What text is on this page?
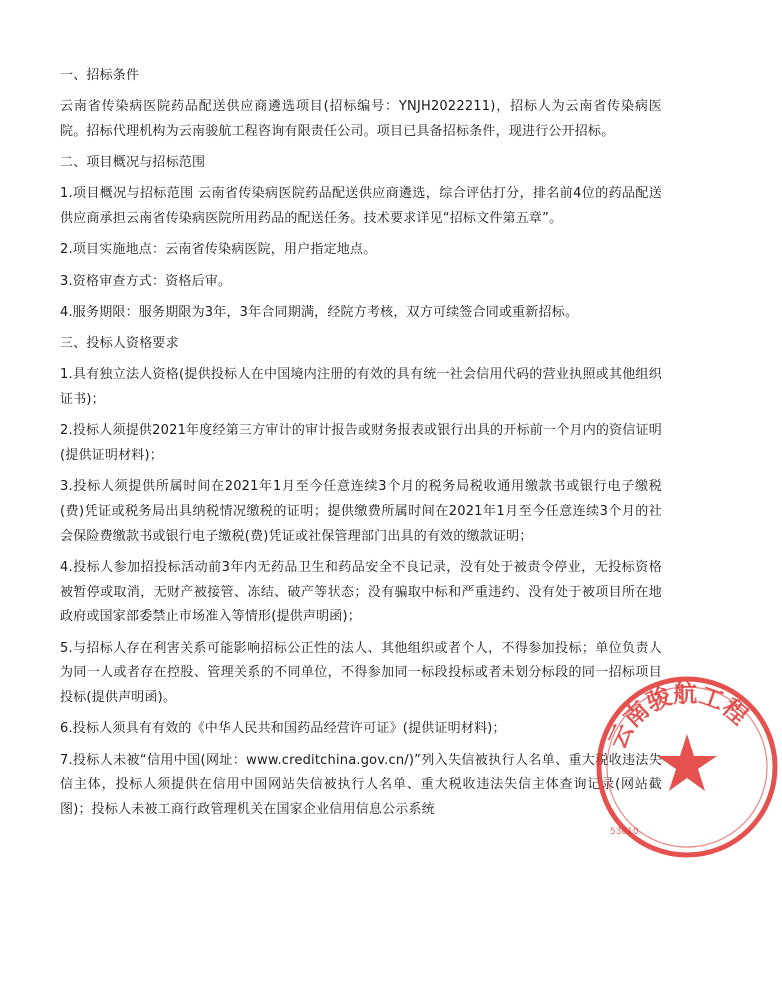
一、招标条件

云南省传染病医院药品配送供应商遴选项目(招标编号：YNJH2022211)，招标人为云南省传染病医院。招标代理机构为云南骏航工程咨询有限责任公司。项目已具备招标条件，现进行公开招标。

二、项目概况与招标范围

1.项目概况与招标范围 云南省传染病医院药品配送供应商遴选，综合评估打分，排名前4位的药品配送供应商承担云南省传染病医院所用药品的配送任务。技术要求详见“招标文件第五章”。

2.项目实施地点：云南省传染病医院，用户指定地点。

3.资格审查方式：资格后审。

4.服务期限：服务期限为3年，3年合同期满，经院方考核，双方可续签合同或重新招标。

三、投标人资格要求

1.具有独立法人资格(提供投标人在中国境内注册的有效的具有统一社会信用代码的营业执照或其他组织证书)；

2.投标人须提供2021年度经第三方审计的审计报告或财务报表或银行出具的开标前一个月内的资信证明(提供证明材料)；

3.投标人须提供所属时间在2021年1月至今任意连续3个月的税务局税收通用缴款书或银行电子缴税(费)凭证或税务局出具纳税情况缴税的证明；提供缴费所属时间在2021年1月至今任意连续3个月的社会保险费缴款书或银行电子缴税(费)凭证或社保管理部门出具的有效的缴款证明；

4.投标人参加招投标活动前3年内无药品卫生和药品安全不良记录，没有处于被责令停业，无投标资格被暂停或取消，无财产被接管、冻结、破产等状态；没有骗取中标和严重违约、没有处于被项目所在地政府或国家部委禁止市场准入等情形(提供声明函)；

5.与招标人存在利害关系可能影响招标公正性的法人、其他组织或者个人，不得参加投标；单位负责人为同一人或者存在控股、管理关系的不同单位，不得参加同一标段投标或者未划分标段的同一招标项目投标(提供声明函)。

6.投标人须具有有效的《中华人民共和国药品经营许可证》(提供证明材料)；

7.投标人未被“信用中国(网址：www.creditchina.gov.cn/)”列入失信被执行人名单、重大税收违法失信主体，投标人须提供在信用中国网站失信被执行人名单、重大税收违法失信主体查询记录(网站截图)；投标人未被工商行政管理机关在国家企业信用信息公示系统

云南骏航工程
53010
